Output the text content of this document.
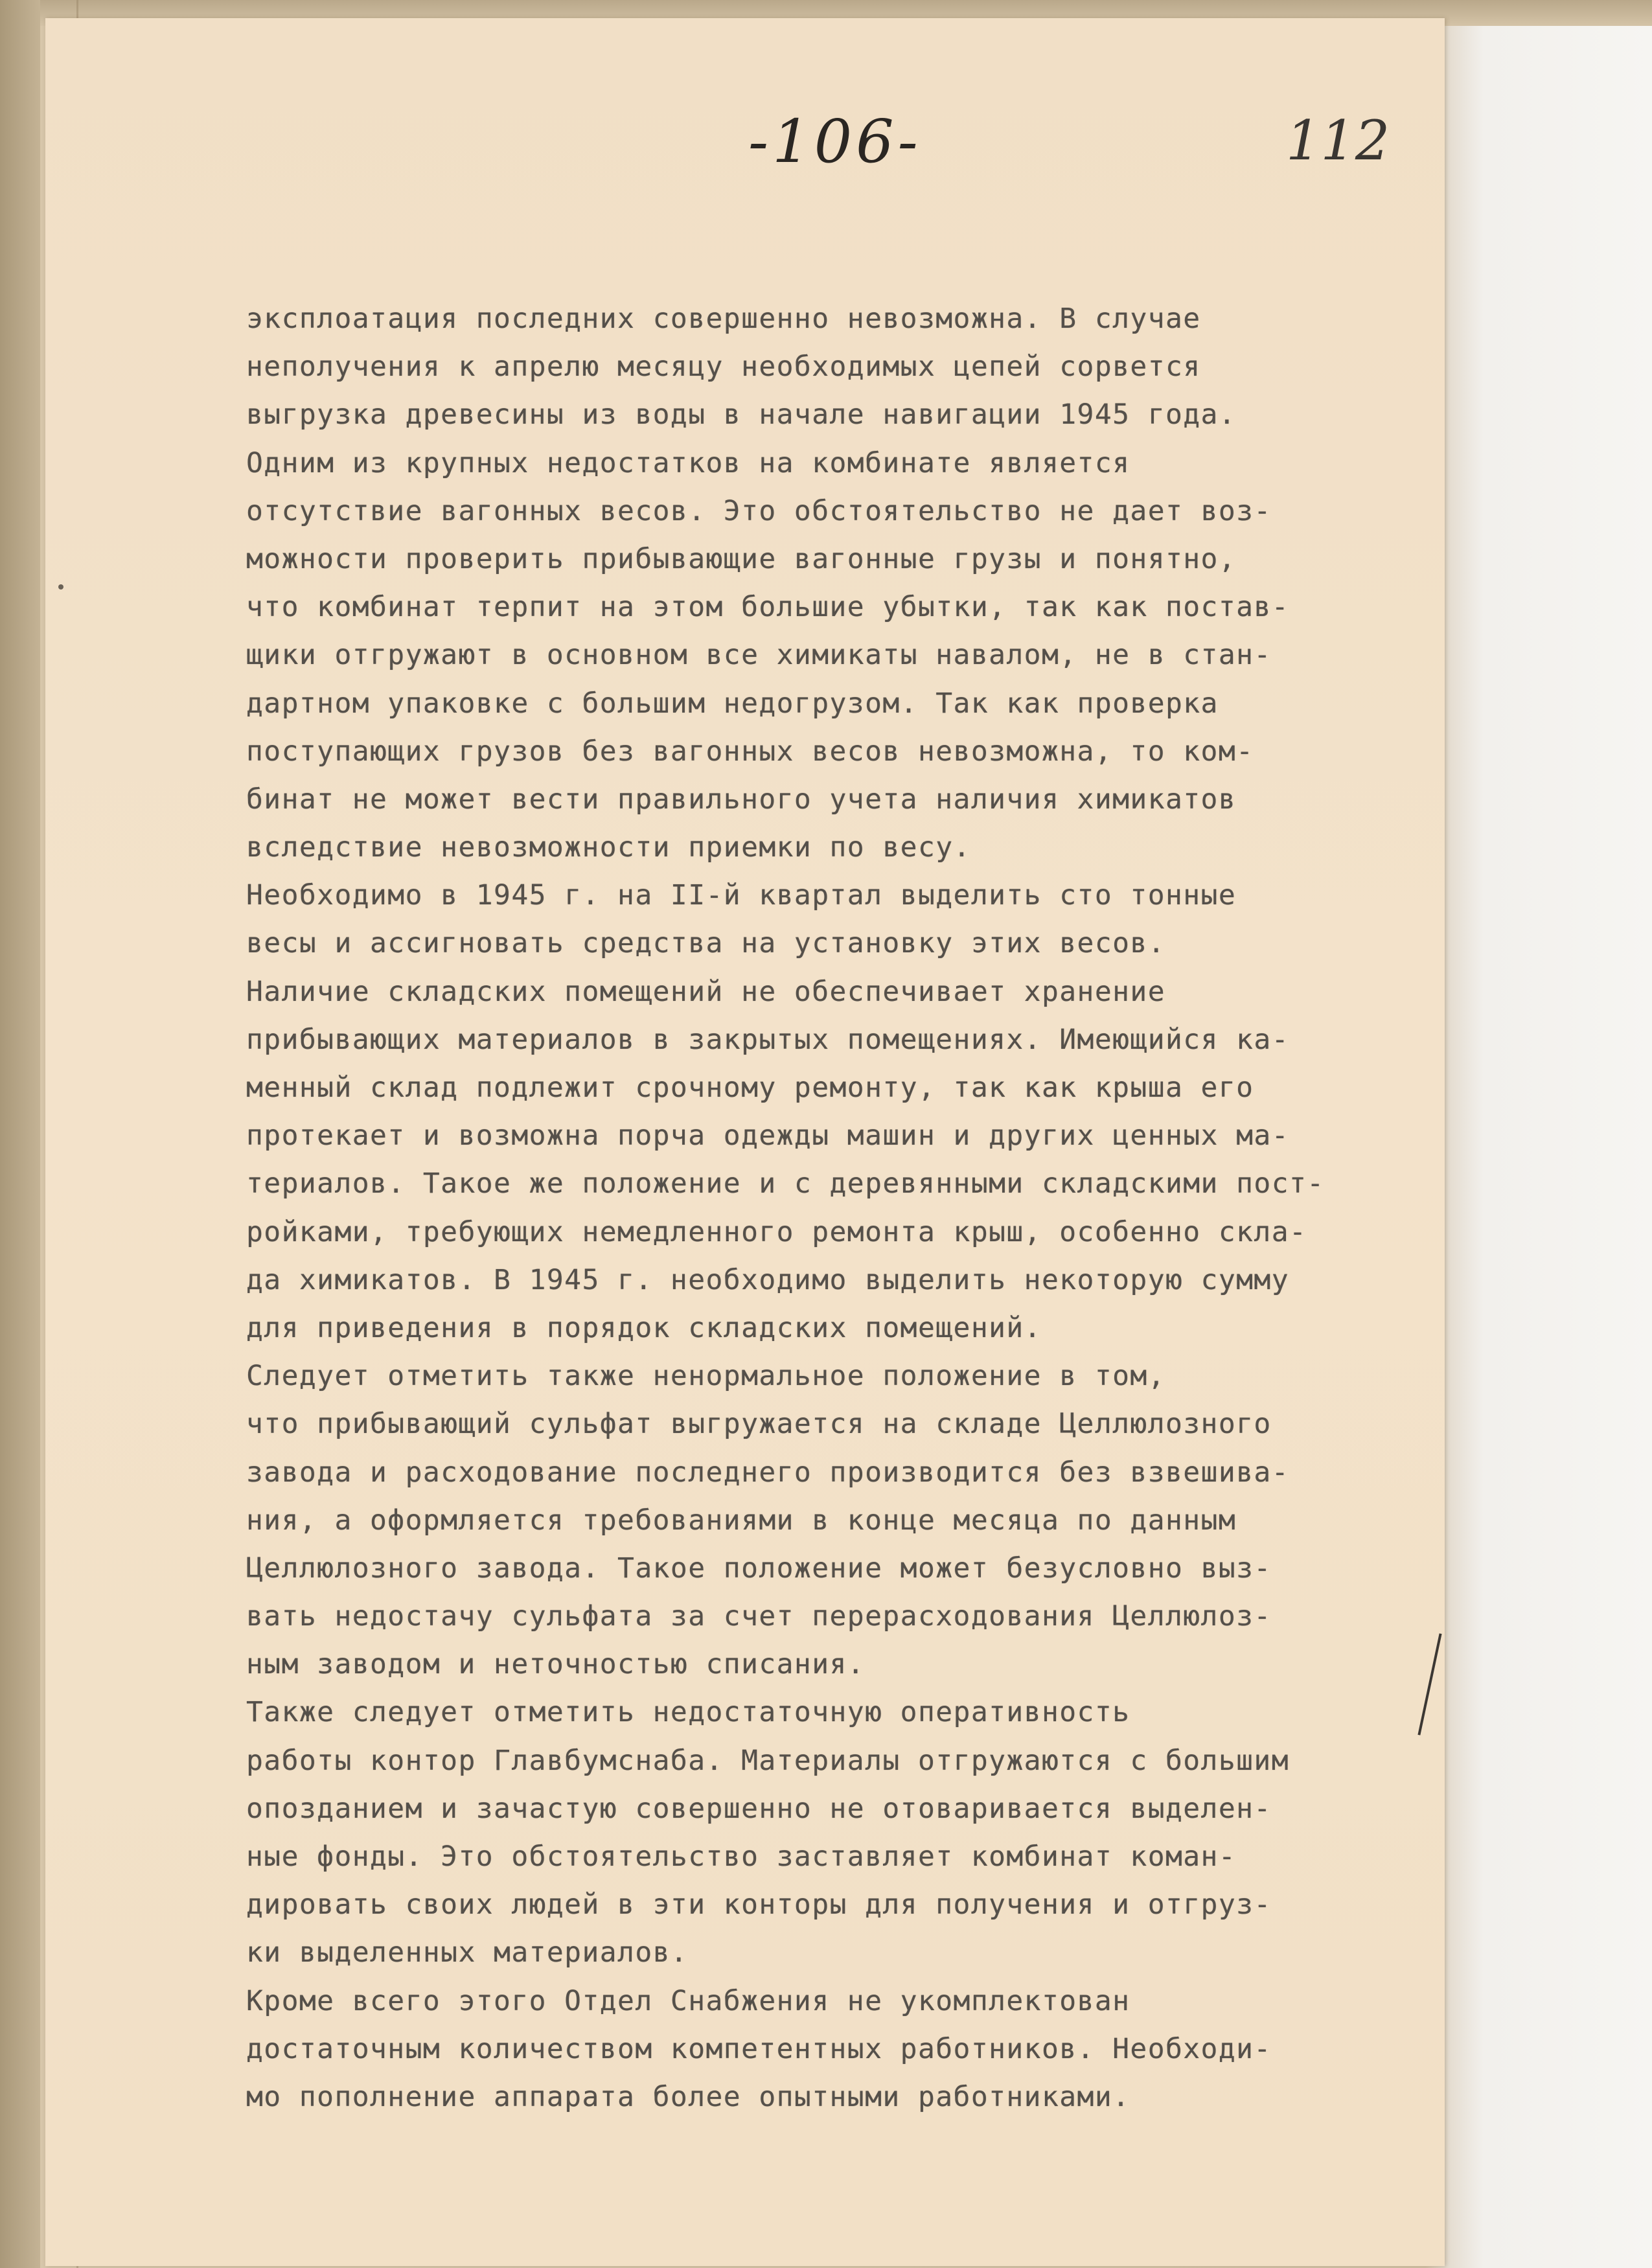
-106-	112
эксплоатация последних совершенно невозможна. В случае
неполучения к апрелю месяцу необходимых цепей сорвется
выгрузка древесины из воды в начале навигации 1945 года.
Одним из крупных недостатков на комбинате является
отсутствие вагонных весов. Это обстоятельство не дает воз-
можности проверить прибывающие вагонные грузы и понятно,
что комбинат терпит на этом большие убытки, так как постав-
щики отгружают в основном все химикаты навалом, не в стан-
дартном упаковке с большим недогрузом. Так как проверка
поступающих грузов без вагонных весов невозможна, то ком-
бинат не может вести правильного учета наличия химикатов
вследствие невозможности приемки по весу.
Необходимо в 1945 г. на II-й квартал выделить сто тонные
весы и ассигновать средства на установку этих весов.
Наличие складских помещений не обеспечивает хранение
прибывающих материалов в закрытых помещениях. Имеющийся ка-
менный склад подлежит срочному ремонту, так как крыша его
протекает и возможна порча одежды машин и других ценных ма-
териалов. Такое же положение и с деревянными складскими пост-
ройками, требующих немедленного ремонта крыш, особенно скла-
да химикатов. В 1945 г. необходимо выделить некоторую сумму
для приведения в порядок складских помещений.
Следует отметить также ненормальное положение в том,
что прибывающий сульфат выгружается на складе Целлюлозного
завода и расходование последнего производится без взвешива-
ния, а оформляется требованиями в конце месяца по данным
Целлюлозного завода. Такое положение может безусловно выз-
вать недостачу сульфата за счет перерасходования Целлюлоз-
ным заводом и неточностью списания.
Также следует отметить недостаточную оперативность
работы контор Главбумснаба. Материалы отгружаются с большим
опозданием и зачастую совершенно не отоваривается выделен-
ные фонды. Это обстоятельство заставляет комбинат коман-
дировать своих людей в эти конторы для получения и отгруз-
ки выделенных материалов.
Кроме всего этого Отдел Снабжения не укомплектован
достаточным количеством компетентных работников. Необходи-
мо пополнение аппарата более опытными работниками.
